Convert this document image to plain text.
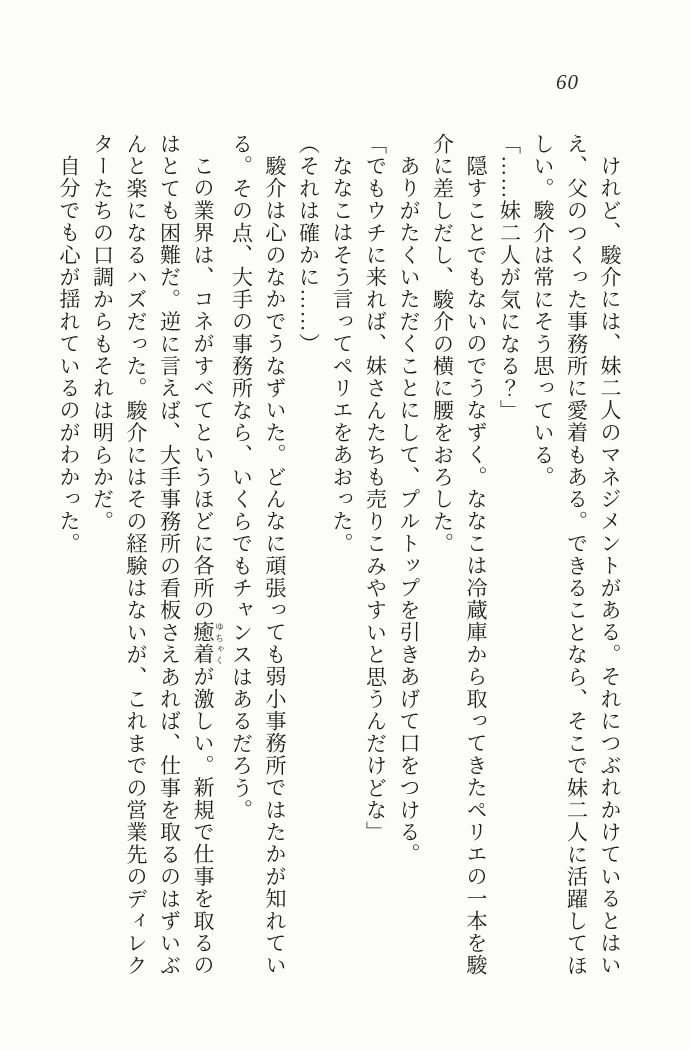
60

けれど、駿介には、妹二人のマネジメントがある。それにつぶれかけているとはい

え、父のつくった事務所に愛着もある。できることなら、そこで妹二人に活躍してほ

しい。駿介は常にそう思っている。

「……妹二人が気になる？」

隠すことでもないのでうなずく。ななこは冷蔵庫から取ってきたペリエの一本を駿

介に差しだし、駿介の横に腰をおろした。

ありがたくいただくことにして、プルトップを引きあげて口をつける。

「でもウチに来れば、妹さんたちも売りこみやすいと思うんだけどな」

ななこはそう言ってペリエをあおった。

（それは確かに……）

駿介は心のなかでうなずいた。どんなに頑張っても弱小事務所ではたかが知れてい

る。その点、大手の事務所なら、いくらでもチャンスはあるだろう。

この業界は、コネがすべてというほどに各所の癒着 ゆちゃくが激しい。新規で仕事を取るの

はとても困難だ。逆に言えば、大手事務所の看板さえあれば、仕事を取るのはずいぶ

んと楽になるハズだった。駿介にはその経験はないが、これまでの営業先のディレク

ターたちの口調からもそれは明らかだ。

自分でも心が揺れているのがわかった。
